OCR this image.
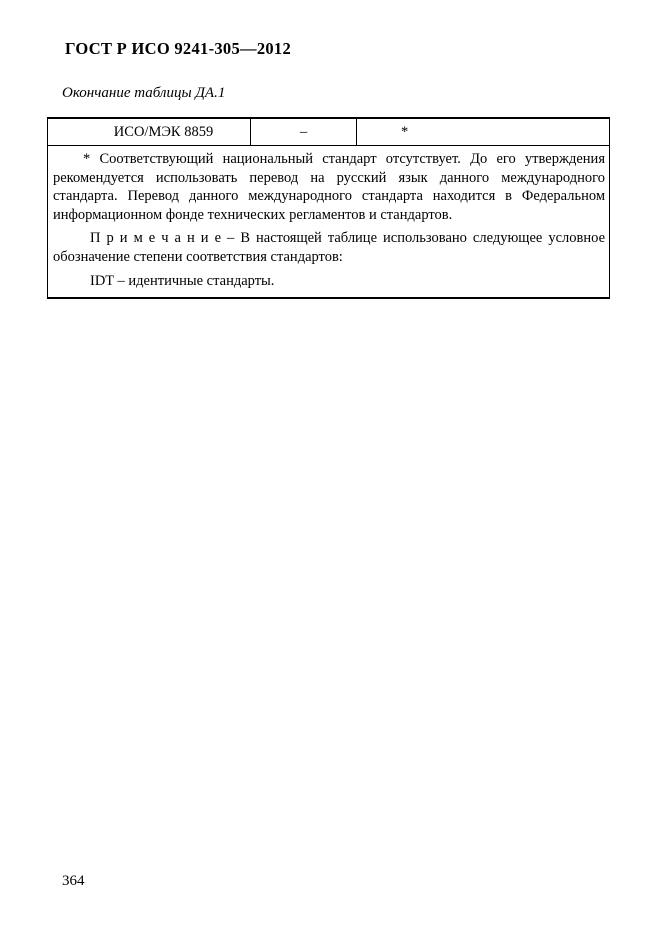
ГОСТ Р ИСО 9241-305—2012
Окончание таблицы ДА.1
ИСО/МЭК 8859	–	*

* Соответствующий национальный стандарт отсутствует. До его утверждения рекомендуется использовать перевод на русский язык данного международного стандарта. Перевод данного международного стандарта находится в Федеральном информационном фонде технических регламентов и стандартов.

П р и м е ч а н и е – В настоящей таблице использовано следующее условное обозначение степени соответствия стандартов:

IDT – идентичные стандарты.

364
